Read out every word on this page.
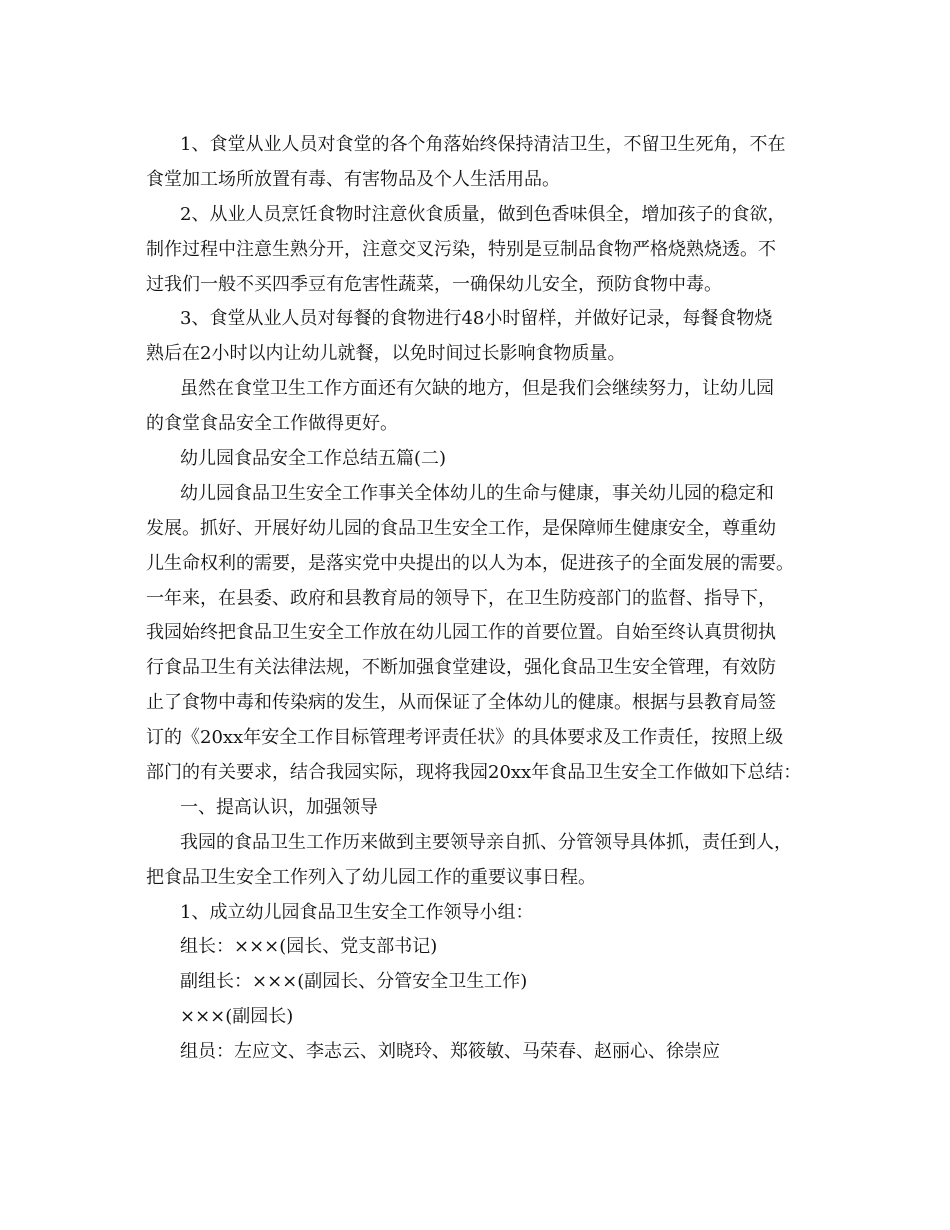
1、食堂从业人员对食堂的各个角落始终保持清洁卫生，不留卫生死角，不在
食堂加工场所放置有毒、有害物品及个人生活用品。
2、从业人员烹饪食物时注意伙食质量，做到色香味俱全，增加孩子的食欲，
制作过程中注意生熟分开，注意交叉污染，特别是豆制品食物严格烧熟烧透。不
过我们一般不买四季豆有危害性蔬菜，一确保幼儿安全，预防食物中毒。
3、食堂从业人员对每餐的食物进行48小时留样，并做好记录，每餐食物烧
熟后在2小时以内让幼儿就餐，以免时间过长影响食物质量。
虽然在食堂卫生工作方面还有欠缺的地方，但是我们会继续努力，让幼儿园
的食堂食品安全工作做得更好。
幼儿园食品安全工作总结五篇(二)
幼儿园食品卫生安全工作事关全体幼儿的生命与健康，事关幼儿园的稳定和
发展。抓好、开展好幼儿园的食品卫生安全工作，是保障师生健康安全，尊重幼
儿生命权利的需要，是落实党中央提出的以人为本，促进孩子的全面发展的需要。
一年来，在县委、政府和县教育局的领导下，在卫生防疫部门的监督、指导下，
我园始终把食品卫生安全工作放在幼儿园工作的首要位置。自始至终认真贯彻执
行食品卫生有关法律法规，不断加强食堂建设，强化食品卫生安全管理，有效防
止了食物中毒和传染病的发生，从而保证了全体幼儿的健康。根据与县教育局签
订的《20xx年安全工作目标管理考评责任状》的具体要求及工作责任，按照上级
部门的有关要求，结合我园实际，现将我园20xx年食品卫生安全工作做如下总结：
一、提高认识，加强领导
我园的食品卫生工作历来做到主要领导亲自抓、分管领导具体抓，责任到人，
把食品卫生安全工作列入了幼儿园工作的重要议事日程。
1、成立幼儿园食品卫生安全工作领导小组：
组长：×××(园长、党支部书记)
副组长：×××(副园长、分管安全卫生工作)
×××(副园长)
组员：左应文、李志云、刘晓玲、郑筱敏、马荣春、赵丽心、徐崇应
